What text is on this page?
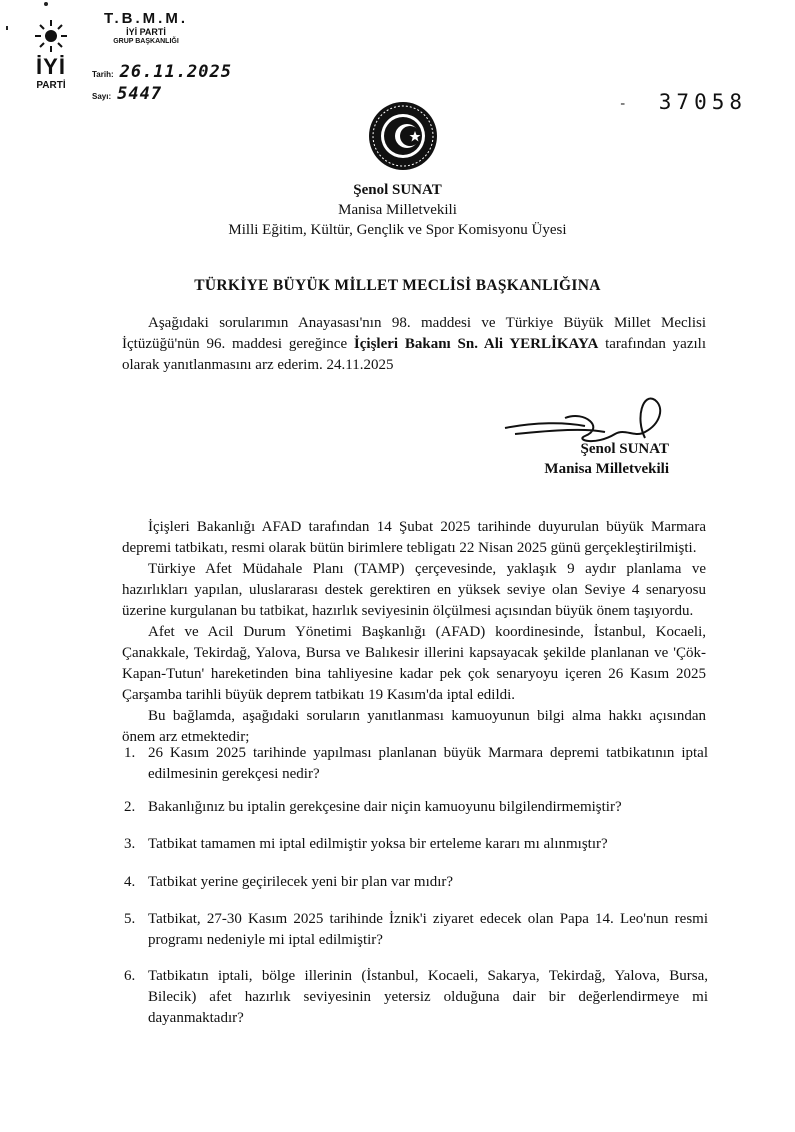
İYİ
PARTİ
T.B.M.M.
İYİ PARTİ
GRUP BAŞKANLIĞI
Tarih: 26.11.2025
Sayı: 5447	- 37058
Şenol SUNAT
Manisa Milletvekili
Milli Eğitim, Kültür, Gençlik ve Spor Komisyonu Üyesi
TÜRKİYE BÜYÜK MİLLET MECLİSİ BAŞKANLIĞINA

Aşağıdaki sorularımın Anayasası'nın 98. maddesi ve Türkiye Büyük Millet Meclisi İçtüzüğü'nün 96. maddesi gereğince İçişleri Bakanı Sn. Ali YERLİKAYA tarafından yazılı olarak yanıtlanmasını arz ederim. 24.11.2025

Şenol SUNAT
Manisa Milletvekili

İçişleri Bakanlığı AFAD tarafından 14 Şubat 2025 tarihinde duyurulan büyük Marmara depremi tatbikatı, resmi olarak bütün birimlere tebligatı 22 Nisan 2025 günü gerçekleştirilmişti.

Türkiye Afet Müdahale Planı (TAMP) çerçevesinde, yaklaşık 9 aydır planlama ve hazırlıkları yapılan, uluslararası destek gerektiren en yüksek seviye olan Seviye 4 senaryosu üzerine kurgulanan bu tatbikat, hazırlık seviyesinin ölçülmesi açısından büyük önem taşıyordu.

Afet ve Acil Durum Yönetimi Başkanlığı (AFAD) koordinesinde, İstanbul, Kocaeli, Çanakkale, Tekirdağ, Yalova, Bursa ve Balıkesir illerini kapsayacak şekilde planlanan ve 'Çök-Kapan-Tutun' hareketinden bina tahliyesine kadar pek çok senaryoyu içeren 26 Kasım 2025 Çarşamba tarihli büyük deprem tatbikatı 19 Kasım'da iptal edildi.

Bu bağlamda, aşağıdaki soruların yanıtlanması kamuoyunun bilgi alma hakkı açısından önem arz etmektedir;

1. 26 Kasım 2025 tarihinde yapılması planlanan büyük Marmara depremi tatbikatının iptal edilmesinin gerekçesi nedir?
2. Bakanlığınız bu iptalin gerekçesine dair niçin kamuoyunu bilgilendirmemiştir?
3. Tatbikat tamamen mi iptal edilmiştir yoksa bir erteleme kararı mı alınmıştır?
4. Tatbikat yerine geçirilecek yeni bir plan var mıdır?
5. Tatbikat, 27-30 Kasım 2025 tarihinde İznik'i ziyaret edecek olan Papa 14. Leo'nun resmi programı nedeniyle mi iptal edilmiştir?
6. Tatbikatın iptali, bölge illerinin (İstanbul, Kocaeli, Sakarya, Tekirdağ, Yalova, Bursa, Bilecik) afet hazırlık seviyesinin yetersiz olduğuna dair bir değerlendirmeye mi dayanmaktadır?
